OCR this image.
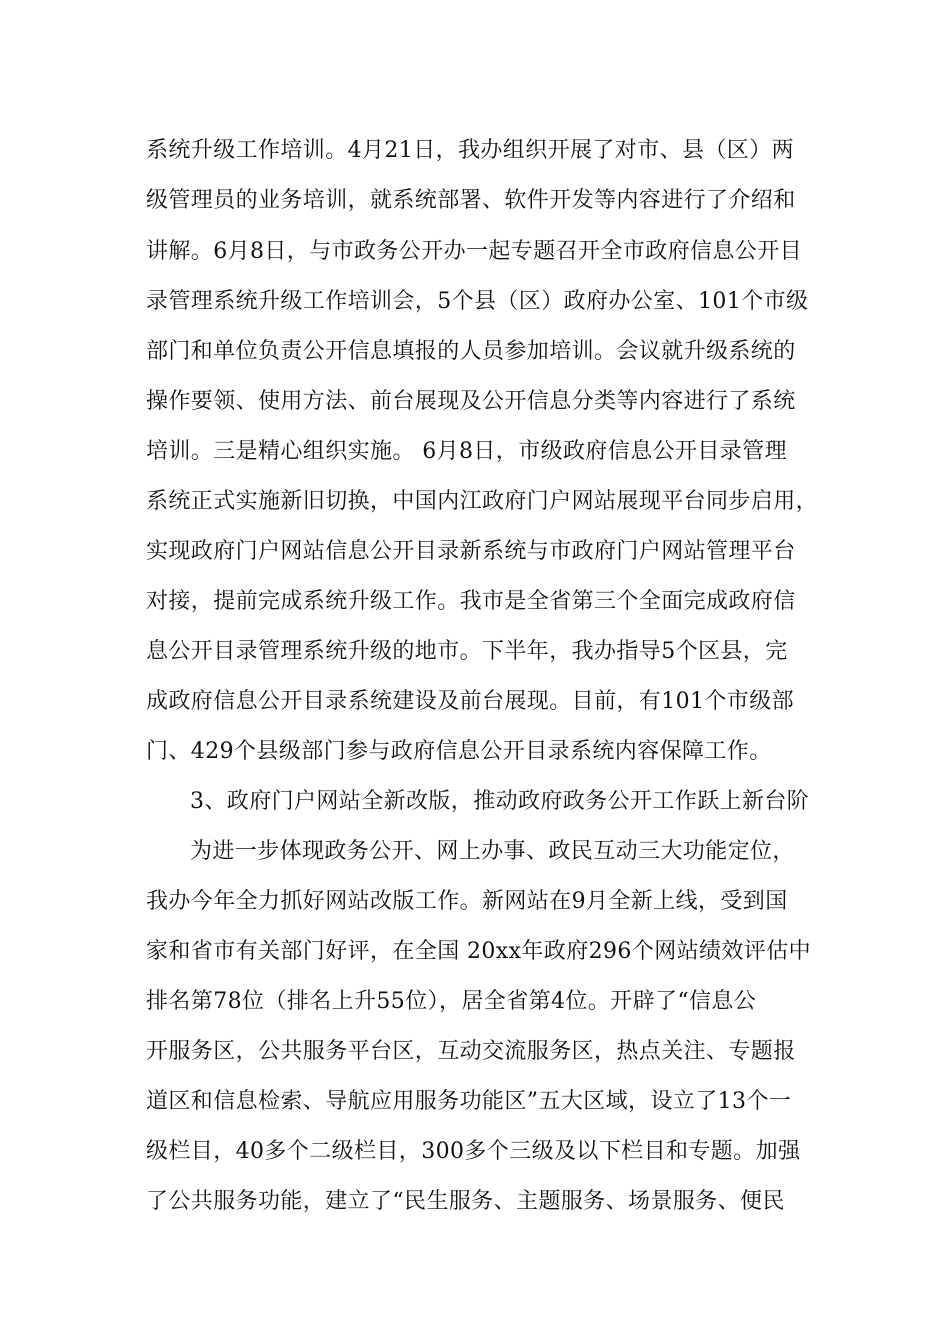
系统升级工作培训。4月21日，我办组织开展了对市、县（区）两
级管理员的业务培训，就系统部署、软件开发等内容进行了介绍和
讲解。6月8日，与市政务公开办一起专题召开全市政府信息公开目
录管理系统升级工作培训会，5个县（区）政府办公室、101个市级
部门和单位负责公开信息填报的人员参加培训。会议就升级系统的
操作要领、使用方法、前台展现及公开信息分类等内容进行了系统
培训。三是精心组织实施。 6月8日，市级政府信息公开目录管理
系统正式实施新旧切换，中国内江政府门户网站展现平台同步启用，
实现政府门户网站信息公开目录新系统与市政府门户网站管理平台
对接，提前完成系统升级工作。我市是全省第三个全面完成政府信
息公开目录管理系统升级的地市。下半年，我办指导5个区县，完
成政府信息公开目录系统建设及前台展现。目前，有101个市级部
门、429个县级部门参与政府信息公开目录系统内容保障工作。
3、政府门户网站全新改版，推动政府政务公开工作跃上新台阶
为进一步体现政务公开、网上办事、政民互动三大功能定位，
我办今年全力抓好网站改版工作。新网站在9月全新上线，受到国
家和省市有关部门好评，在全国 20xx年政府296个网站绩效评估中
排名第78位（排名上升55位），居全省第4位。开辟了“信息公
开服务区，公共服务平台区，互动交流服务区，热点关注、专题报
道区和信息检索、导航应用服务功能区”五大区域，设立了13个一
级栏目，40多个二级栏目，300多个三级及以下栏目和专题。加强
了公共服务功能，建立了“民生服务、主题服务、场景服务、便民
